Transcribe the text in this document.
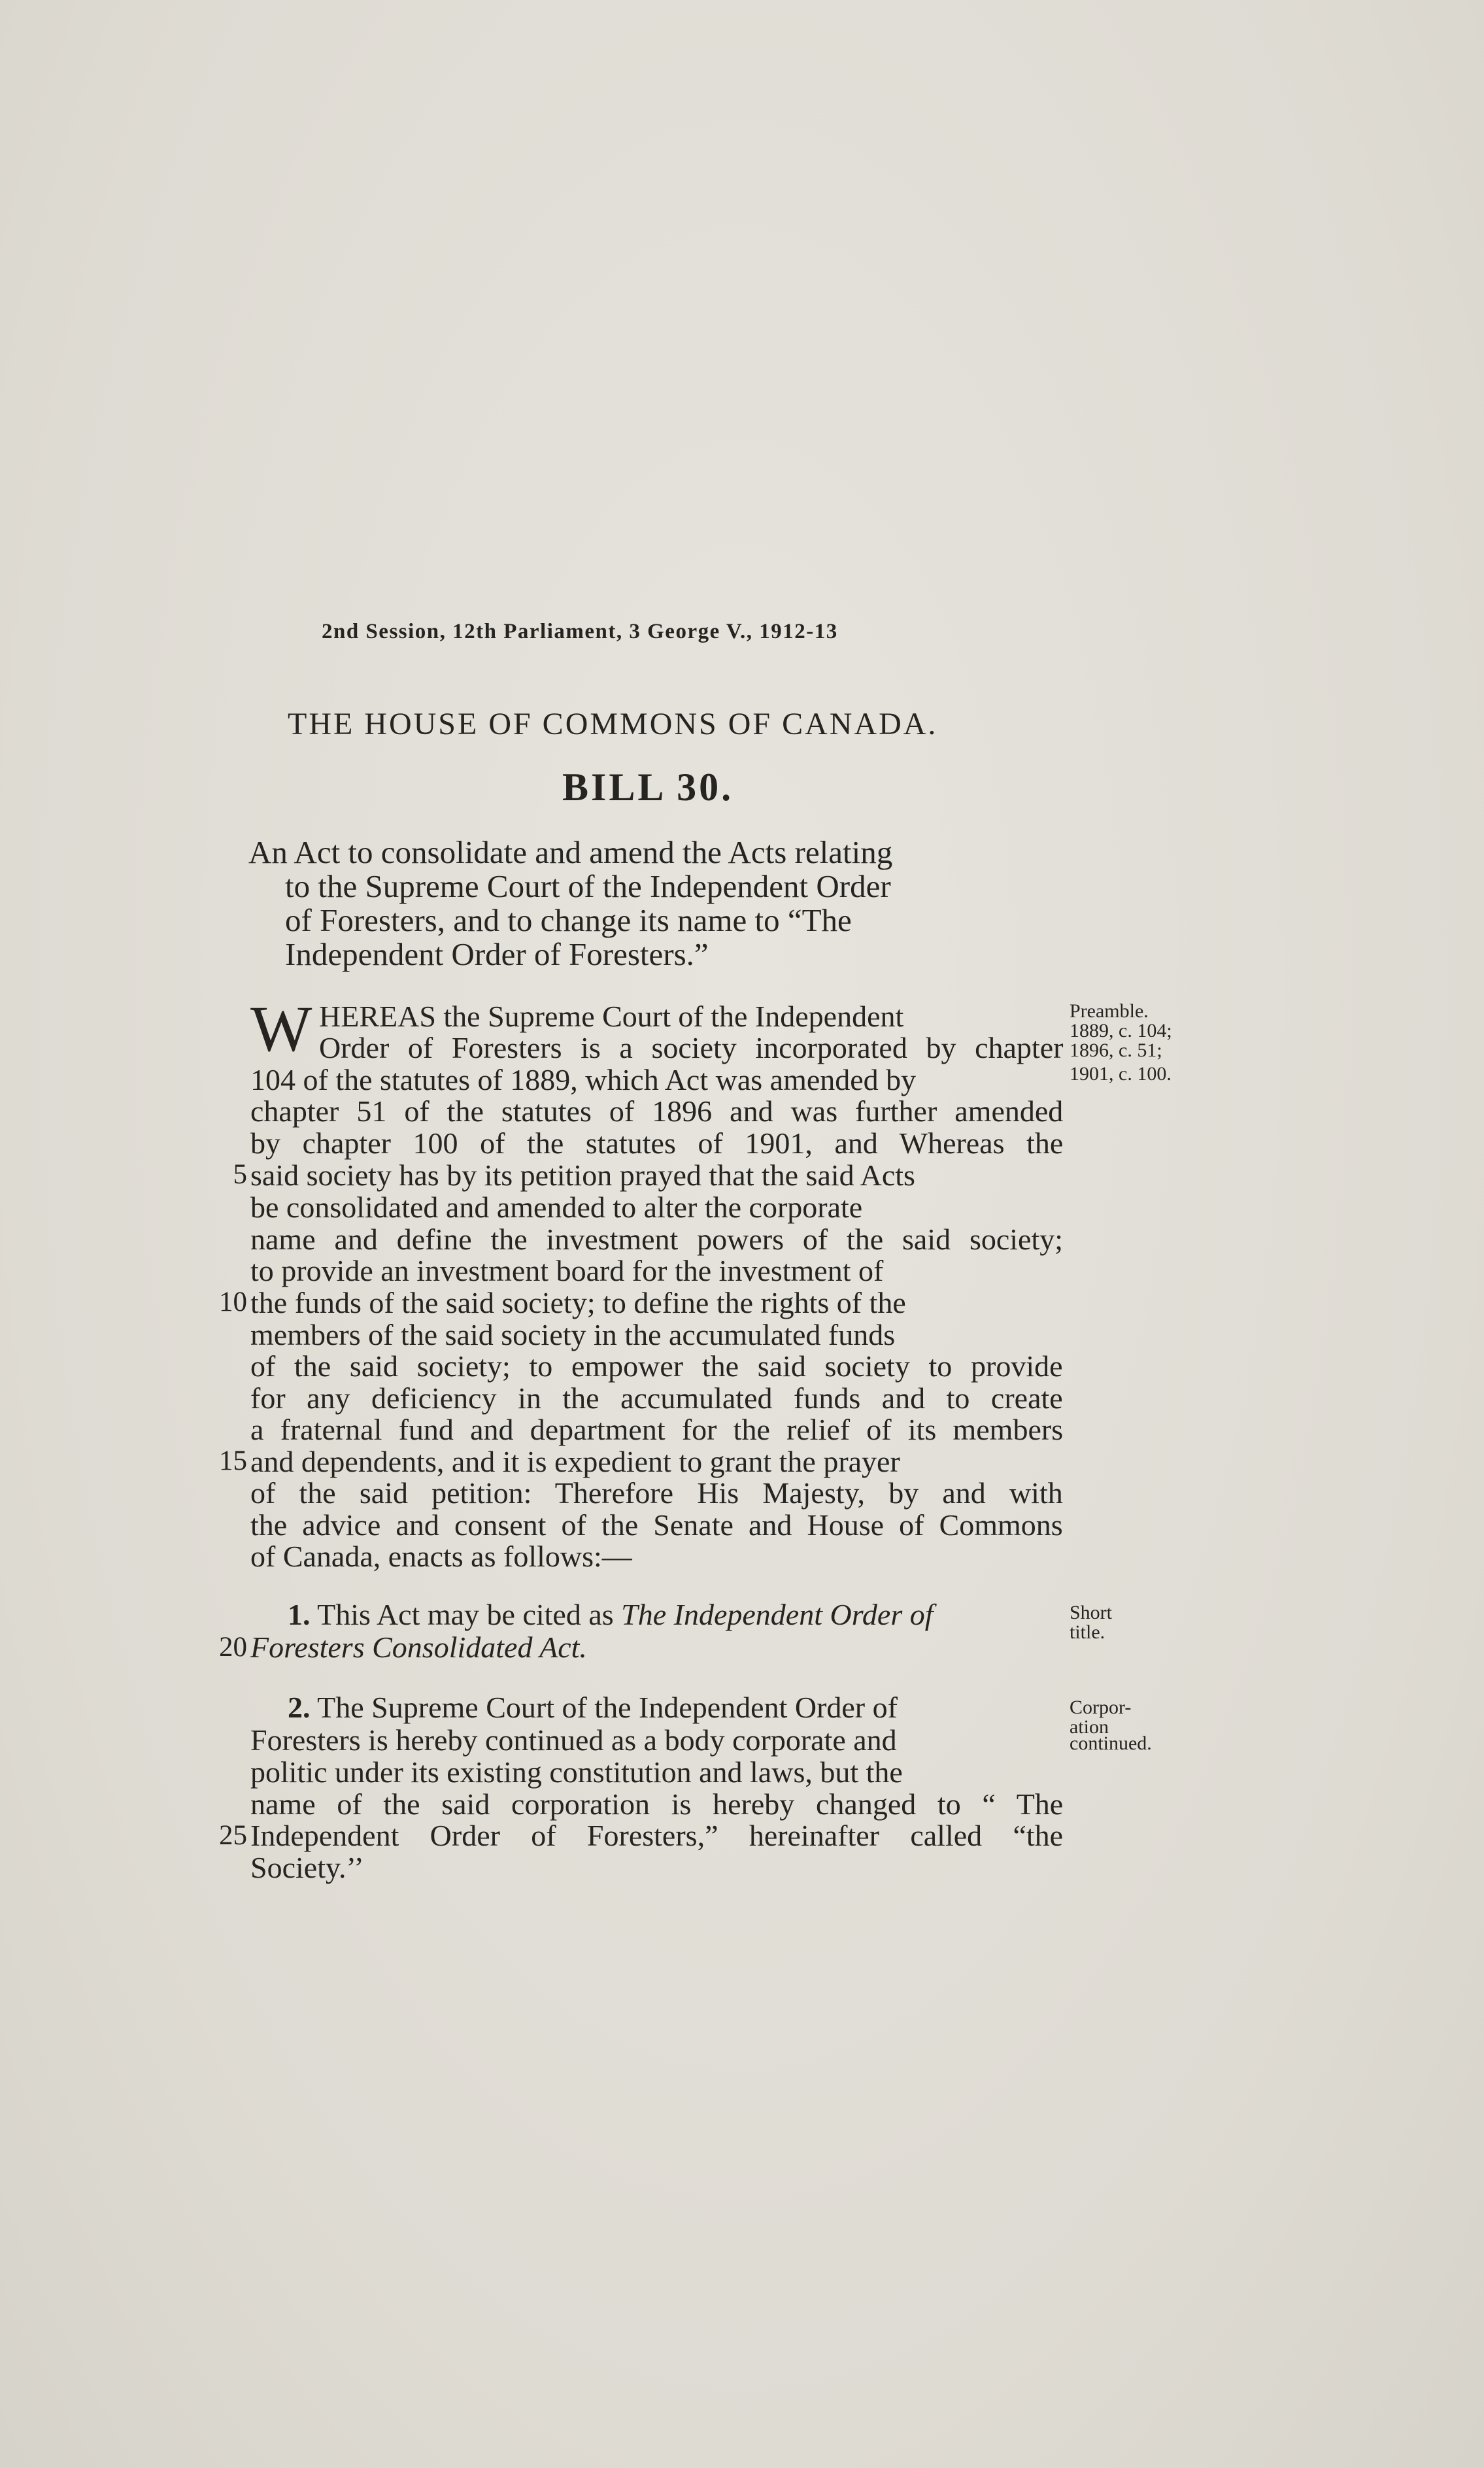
2nd Session, 12th Parliament, 3 George V., 1912-13
THE HOUSE OF COMMONS OF CANADA.
BILL 30.
An Act to consolidate and amend the Acts relating
to the Supreme Court of the Independent Order
of Foresters, and to change its name to “The
Independent Order of Foresters.”
W HEREAS the Supreme Court of the Independent
Order of Foresters is a society incorporated by chapter
104 of the statutes of 1889, which Act was amended by
chapter 51 of the statutes of 1896 and was further amended
by chapter 100 of the statutes of 1901, and Whereas the
said society has by its petition prayed that the said Acts
be consolidated and amended to alter the corporate
name and define the investment powers of the said society;
to provide an investment board for the investment of
the funds of the said society; to define the rights of the
members of the said society in the accumulated funds
of the said society; to empower the said society to provide
for any deficiency in the accumulated funds and to create
a fraternal fund and department for the relief of its members
and dependents, and it is expedient to grant the prayer
of the said petition: Therefore His Majesty, by and with
the advice and consent of the Senate and House of Commons
of Canada, enacts as follows:—
Preamble.
1889, c. 104;
1896, c. 51;
1901, c. 100.
1. This Act may be cited as The Independent Order of
Foresters Consolidated Act.
Short
title.
2. The Supreme Court of the Independent Order of
Foresters is hereby continued as a body corporate and
politic under its existing constitution and laws, but the
name of the said corporation is hereby changed to “ The
Independent Order of Foresters,” hereinafter called “the
Society.’’
Corpor-
ation
continued.
5
10
15
20
25
